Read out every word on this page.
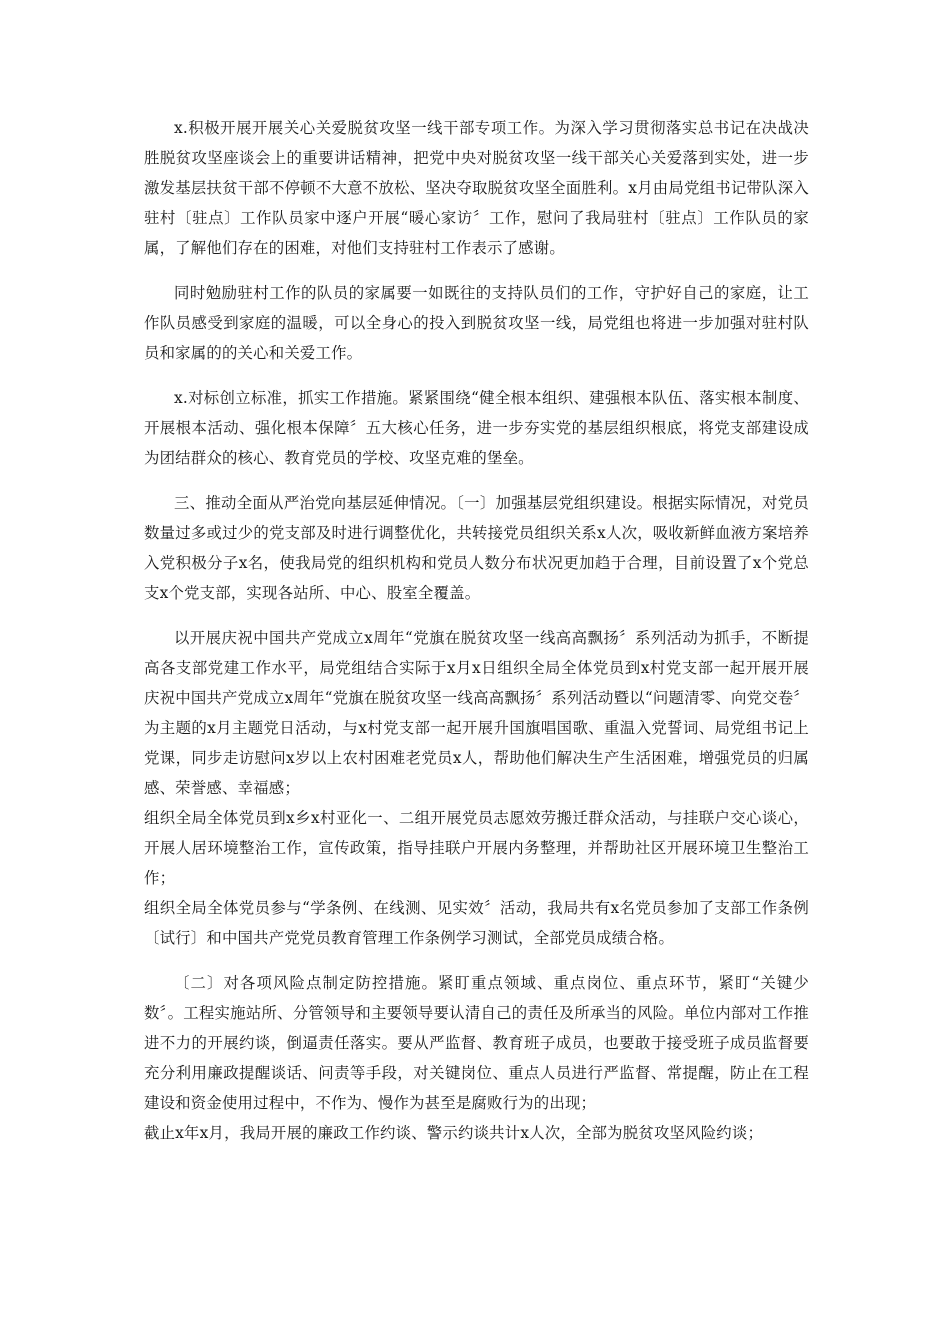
x.积极开展开展关心关爱脱贫攻坚一线干部专项工作。为深入学习贯彻落实总书记在决战决胜脱贫攻坚座谈会上的重要讲话精神，把党中央对脱贫攻坚一线干部关心关爱落到实处，进一步激发基层扶贫干部不停顿不大意不放松、坚决夺取脱贫攻坚全面胜利。x月由局党组书记带队深入驻村〔驻点〕工作队员家中逐户开展“暖心家访〞工作，慰问了我局驻村〔驻点〕工作队员的家属，了解他们存在的困难，对他们支持驻村工作表示了感谢。

同时勉励驻村工作的队员的家属要一如既往的支持队员们的工作，守护好自己的家庭，让工作队员感受到家庭的温暖，可以全身心的投入到脱贫攻坚一线，局党组也将进一步加强对驻村队员和家属的的关心和关爱工作。

x.对标创立标准，抓实工作措施。紧紧围绕“健全根本组织、建强根本队伍、落实根本制度、开展根本活动、强化根本保障〞五大核心任务，进一步夯实党的基层组织根底，将党支部建设成为团结群众的核心、教育党员的学校、攻坚克难的堡垒。

三、推动全面从严治党向基层延伸情况。〔一〕加强基层党组织建设。根据实际情况，对党员数量过多或过少的党支部及时进行调整优化，共转接党员组织关系x人次，吸收新鲜血液方案培养入党积极分子x名，使我局党的组织机构和党员人数分布状况更加趋于合理，目前设置了x个党总支x个党支部，实现各站所、中心、股室全覆盖。

以开展庆祝中国共产党成立x周年“党旗在脱贫攻坚一线高高飘扬〞系列活动为抓手，不断提高各支部党建工作水平，局党组结合实际于x月x日组织全局全体党员到x村党支部一起开展开展庆祝中国共产党成立x周年“党旗在脱贫攻坚一线高高飘扬〞系列活动暨以“问题清零、向党交卷〞为主题的x月主题党日活动，与x村党支部一起开展升国旗唱国歌、重温入党誓词、局党组书记上党课，同步走访慰问x岁以上农村困难老党员x人，帮助他们解决生产生活困难，增强党员的归属感、荣誉感、幸福感；

组织全局全体党员到x乡x村亚化一、二组开展党员志愿效劳搬迁群众活动，与挂联户交心谈心，开展人居环境整治工作，宣传政策，指导挂联户开展内务整理，并帮助社区开展环境卫生整治工作；

组织全局全体党员参与“学条例、在线测、见实效〞活动，我局共有x名党员参加了支部工作条例〔试行〕和中国共产党党员教育管理工作条例学习测试，全部党员成绩合格。

〔二〕对各项风险点制定防控措施。紧盯重点领域、重点岗位、重点环节，紧盯“关键少数〞。工程实施站所、分管领导和主要领导要认清自己的责任及所承当的风险。单位内部对工作推进不力的开展约谈，倒逼责任落实。要从严监督、教育班子成员，也要敢于接受班子成员监督要充分利用廉政提醒谈话、问责等手段，对关键岗位、重点人员进行严监督、常提醒，防止在工程建设和资金使用过程中，不作为、慢作为甚至是腐败行为的出现；

截止x年x月，我局开展的廉政工作约谈、警示约谈共计x人次，全部为脱贫攻坚风险约谈；
